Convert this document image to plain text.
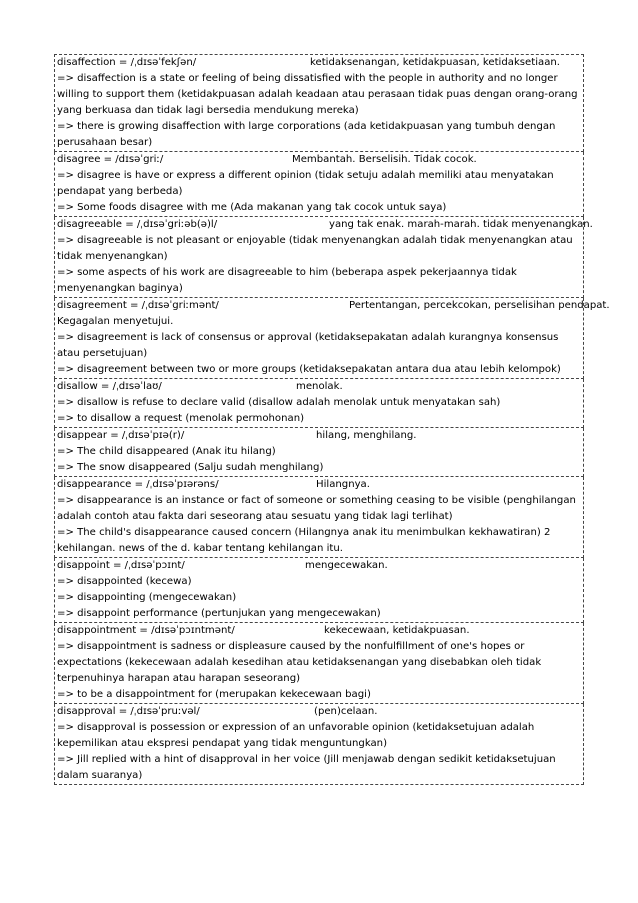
disaffection = /ˌdɪsəˈfekʃən/	ketidaksenangan, ketidakpuasan, ketidaksetiaan.
=> disaffection is a state or feeling of being dissatisfied with the people in authority and no longer willing to support them (ketidakpuasan adalah keadaan atau perasaan tidak puas dengan orang-orang yang berkuasa dan tidak lagi bersedia mendukung mereka)
=> there is growing disaffection with large corporations (ada ketidakpuasan yang tumbuh dengan perusahaan besar)
disagree = /dɪsəˈgriː/	Membantah. Berselisih. Tidak cocok.
=> disagree is have or express a different opinion (tidak setuju adalah memiliki atau menyatakan pendapat yang berbeda)
=> Some foods disagree with me (Ada makanan yang tak cocok untuk saya)
disagreeable = /ˌdɪsəˈgriːəb(ə)l/	yang tak enak. marah-marah. tidak menyenangkan.
=> disagreeable is not pleasant or enjoyable (tidak menyenangkan adalah tidak menyenangkan atau tidak menyenangkan)
=> some aspects of his work are disagreeable to him (beberapa aspek pekerjaannya tidak menyenangkan baginya)
disagreement = /ˌdɪsəˈgriːmənt/	Pertentangan, percekcokan, perselisihan pendapat.
Kegagalan menyetujui.
=> disagreement is lack of consensus or approval (ketidaksepakatan adalah kurangnya konsensus atau persetujuan)
=> disagreement between two or more groups (ketidaksepakatan antara dua atau lebih kelompok)
disallow = /ˌdɪsəˈlaʊ/	menolak.
=> disallow is refuse to declare valid (disallow adalah menolak untuk menyatakan sah)
=> to disallow a request (menolak permohonan)
disappear = /ˌdɪsəˈpɪə(r)/	hilang, menghilang.
=> The child disappeared (Anak itu hilang)
=> The snow disappeared (Salju sudah menghilang)
disappearance = /ˌdɪsəˈpɪərəns/	Hilangnya.
=> disappearance is an instance or fact of someone or something ceasing to be visible (penghilangan adalah contoh atau fakta dari seseorang atau sesuatu yang tidak lagi terlihat)
=> The child's disappearance caused concern (Hilangnya anak itu menimbulkan kekhawatiran) 2 kehilangan. news of the d. kabar tentang kehilangan itu.
disappoint = /ˌdɪsəˈpɔɪnt/	mengecewakan.
=> disappointed (kecewa)
=> disappointing (mengecewakan)
=> disappoint performance (pertunjukan yang mengecewakan)
disappointment = /dɪsəˈpɔɪntmənt/	kekecewaan, ketidakpuasan.
=> disappointment is sadness or displeasure caused by the nonfulfillment of one's hopes or expectations (kekecewaan adalah kesedihan atau ketidaksenangan yang disebabkan oleh tidak terpenuhinya harapan atau harapan seseorang)
=> to be a disappointment for (merupakan kekecewaan bagi)
disapproval = /ˌdɪsəˈpruːvəl/	(pen)celaan.
=> disapproval is possession or expression of an unfavorable opinion (ketidaksetujuan adalah kepemilikan atau ekspresi pendapat yang tidak menguntungkan)
=> Jill replied with a hint of disapproval in her voice (Jill menjawab dengan sedikit ketidaksetujuan dalam suaranya)
